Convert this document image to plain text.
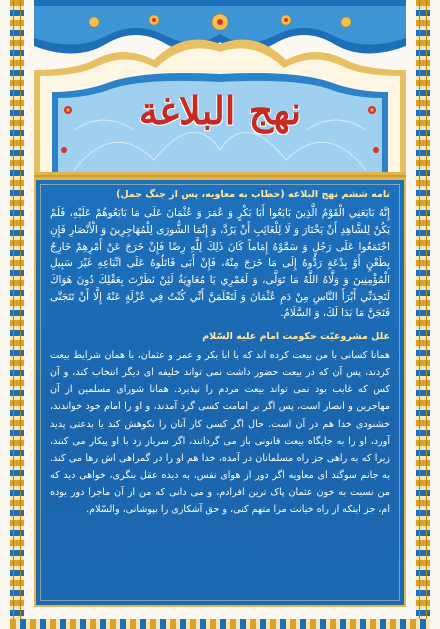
نهج البلاغة

نامه ششم نهج البلاغه (خطاب به معاویه، پس از جنگ جمل)

إِنَّهُ بَايَعَنِي الْقَوْمُ الَّذِينَ بَايَعُوا أَبَا بَكْرٍ وَ عُمَرَ وَ عُثْمَانَ عَلَى مَا بَايَعُوهُمْ عَلَيْهِ، فَلَمْ يَكُنْ لِلشَّاهِدِ أَنْ يَخْتَارَ وَ لَا لِلْغَائِبِ أَنْ يَرُدَّ، وَ إِنَّمَا الشُّورَى لِلْمُهَاجِرِينَ وَ الْأَنْصَارِ فَإِنِ اجْتَمَعُوا عَلَى رَجُلٍ وَ سَمَّوْهُ إِمَاماً كَانَ ذَلِكَ لِلَّهِ رِضًا فَإِنْ خَرَجَ عَنْ أَمْرِهِمْ خَارِجٌ بِطَعْنٍ أَوْ بِدْعَةٍ رَدُّوهُ إِلَى مَا خَرَجَ مِنْهُ، فَإِنْ أَبَى قَاتَلُوهُ عَلَى اتِّبَاعِهِ غَيْرَ سَبِيلِ الْمُؤْمِنِينَ وَ وَلَّاهُ اللَّهُ مَا تَوَلَّى، وَ لَعَمْرِي يَا مُعَاوِيَةُ لَئِنْ نَظَرْتَ بِعَقْلِكَ دُونَ هَوَاكَ لَتَجِدَنِّي أَبْرَأَ النَّاسِ مِنْ دَمِ عُثْمَانَ وَ لَتَعْلَمَنَّ أَنِّي كُنْتُ فِي عُزْلَةٍ عَنْهُ إِلَّا أَنْ تَتَجَنَّى فَتَجَنَّ مَا بَدَا لَكَ، وَ السَّلَامُ.

علل مشروعیّت حکومت امام علیه السّلام

همانا کسانی با من بیعت کرده اند که با ابا بکر و عمر و عثمان، با همان شرایط بیعت کردند، پس آن که در بیعت حضور داشت نمی تواند خلیفه ای دیگر انتخاب کند، و آن کس که غایب بود نمی تواند بیعت مردم را نپذیرد. همانا شورای مسلمین از آن مهاجرین و انصار است، پس اگر بر امامت کسی گرد آمدند، و او را امام خود خواندند، خشنودی خدا هم در آن است. حال اگر کسی کار آنان را نکوهش کند یا بدعتی پدید آورد، او را به جایگاه بیعت قانونی باز می گردانند، اگر سرباز زد با او پیکار می کنند، زیرا که به راهی جز راه مسلمانان در آمده، خدا هم او را در گمراهی اش رها می کند. به جانم سوگند ای معاویه اگر دور از هوای نفس، به دیده عقل بنگری، خواهی دید که من نسبت به خون عثمان پاک ترین افرادم، و می دانی که من از آن ماجرا دور بوده ام، جز اینکه از راه خیانت مرا متهم کنی، و حق آشکاری را بپوشانی، والسّلام.
